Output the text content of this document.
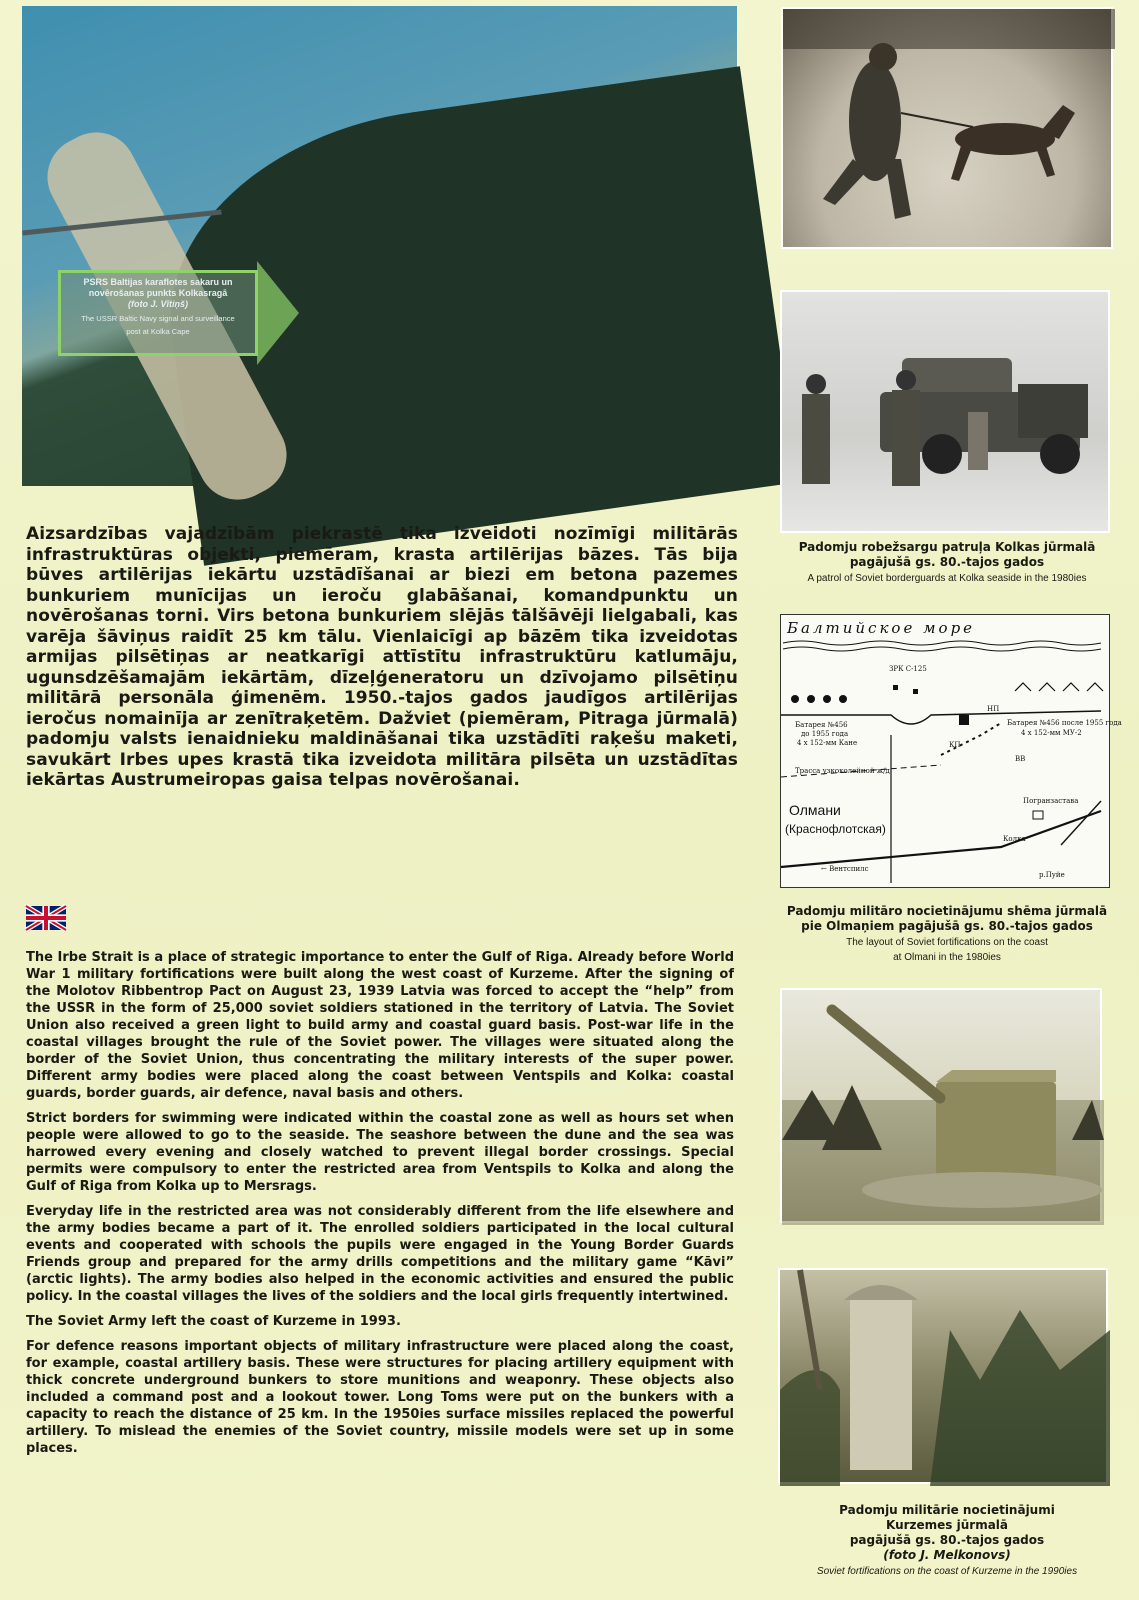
PSRS Baltijas karaflotes sakaru un
novērošanas punkts Kolkasragā
(foto J. Vītiņš)
The USSR Baltic Navy signal and surveillance
post at Kolka Cape
Padomju robežsargu patruļa Kolkas jūrmalā
pagājušā gs. 80.-tajos gados
A patrol of Soviet borderguards at Kolka seaside in the 1980ies
Балтийское море
Батарея №456
до 1955 года
4 х 152-мм Кане
ЗРК С-125
Батарея №456 после 1955 года
4 х 152-мм МУ-2
КП
НП
ВВ
Трасса узкоколейной ж/д
Олмани
(Краснофлотская)
Погранзастава
Колка
← Вентспилс
р.Пуйе
Padomju militāro nocietinājumu shēma jūrmalā
pie Olmaņiem pagājušā gs. 80.-tajos gados
The layout of Soviet fortifications on the coast
at Olmani in the 1980ies
Padomju militārie nocietinājumi
Kurzemes jūrmalā
pagājušā gs. 80.-tajos gados
(foto J. Melkonovs)
Soviet fortifications on the coast of Kurzeme in the 1990ies
Aizsardzības vajadzībām piekrastē tika izveidoti nozīmīgi militārās infrastruktūras objekti, piemēram, krasta artilērijas bāzes. Tās bija būves artilērijas iekārtu uzstādīšanai ar biezi em betona pazemes bunkuriem munīcijas un ieroču glabāšanai, komandpunktu un novērošanas torni. Virs betona bunkuriem slējās tālšāvēji lielgabali, kas varēja šāviņus raidīt 25 km tālu. Vienlaicīgi ap bāzēm tika izveidotas armijas pilsētiņas ar neatkarīgi attīstītu infrastruktūru katlumāju, ugunsdzēšamajām iekārtām, dīzeļģeneratoru un dzīvojamo pilsētiņu militārā personāla ģimenēm. 1950.-tajos gados jaudīgos artilērijas ieročus nomainīja ar zenītraķetēm. Dažviet (piemēram, Pitraga jūrmalā) padomju valsts ienaidnieku maldināšanai tika uzstādīti raķešu maketi, savukārt Irbes upes krastā tika izveidota militāra pilsēta un uzstādītas iekārtas Austrumeiropas gaisa telpas novērošanai.

The Irbe Strait is a place of strategic importance to enter the Gulf of Riga. Already before World War 1 military fortifications were built along the west coast of Kurzeme. After the signing of the Molotov Ribbentrop Pact on August 23, 1939 Latvia was forced to accept the “help” from the USSR in the form of 25,000 soviet soldiers stationed in the territory of Latvia. The Soviet Union also received a green light to build army and coastal guard basis. Post-war life in the coastal villages brought the rule of the Soviet power. The villages were situated along the border of the Soviet Union, thus concentrating the military interests of the super power. Different army bodies were placed along the coast between Ventspils and Kolka: coastal guards, border guards, air defence, naval basis and others.

Strict borders for swimming were indicated within the coastal zone as well as hours set when people were allowed to go to the seaside. The seashore between the dune and the sea was harrowed every evening and closely watched to prevent illegal border crossings. Special permits were compulsory to enter the restricted area from Ventspils to Kolka and along the Gulf of Riga from Kolka up to Mersrags.

Everyday life in the restricted area was not considerably different from the life elsewhere and the army bodies became a part of it. The enrolled soldiers participated in the local cultural events and cooperated with schools the pupils were engaged in the Young Border Guards Friends group and prepared for the army drills competitions and the military game “Kāvi” (arctic lights). The army bodies also helped in the economic activities and ensured the public policy. In the coastal villages the lives of the soldiers and the local girls frequently intertwined.

The Soviet Army left the coast of Kurzeme in 1993.

For defence reasons important objects of military infrastructure were placed along the coast, for example, coastal artillery basis. These were structures for placing artillery equipment with thick concrete underground bunkers to store munitions and weaponry. These objects also included a command post and a lookout tower. Long Toms were put on the bunkers with a capacity to reach the distance of 25 km. In the 1950ies surface missiles replaced the powerful artillery. To mislead the enemies of the Soviet country, missile models were set up in some places.
